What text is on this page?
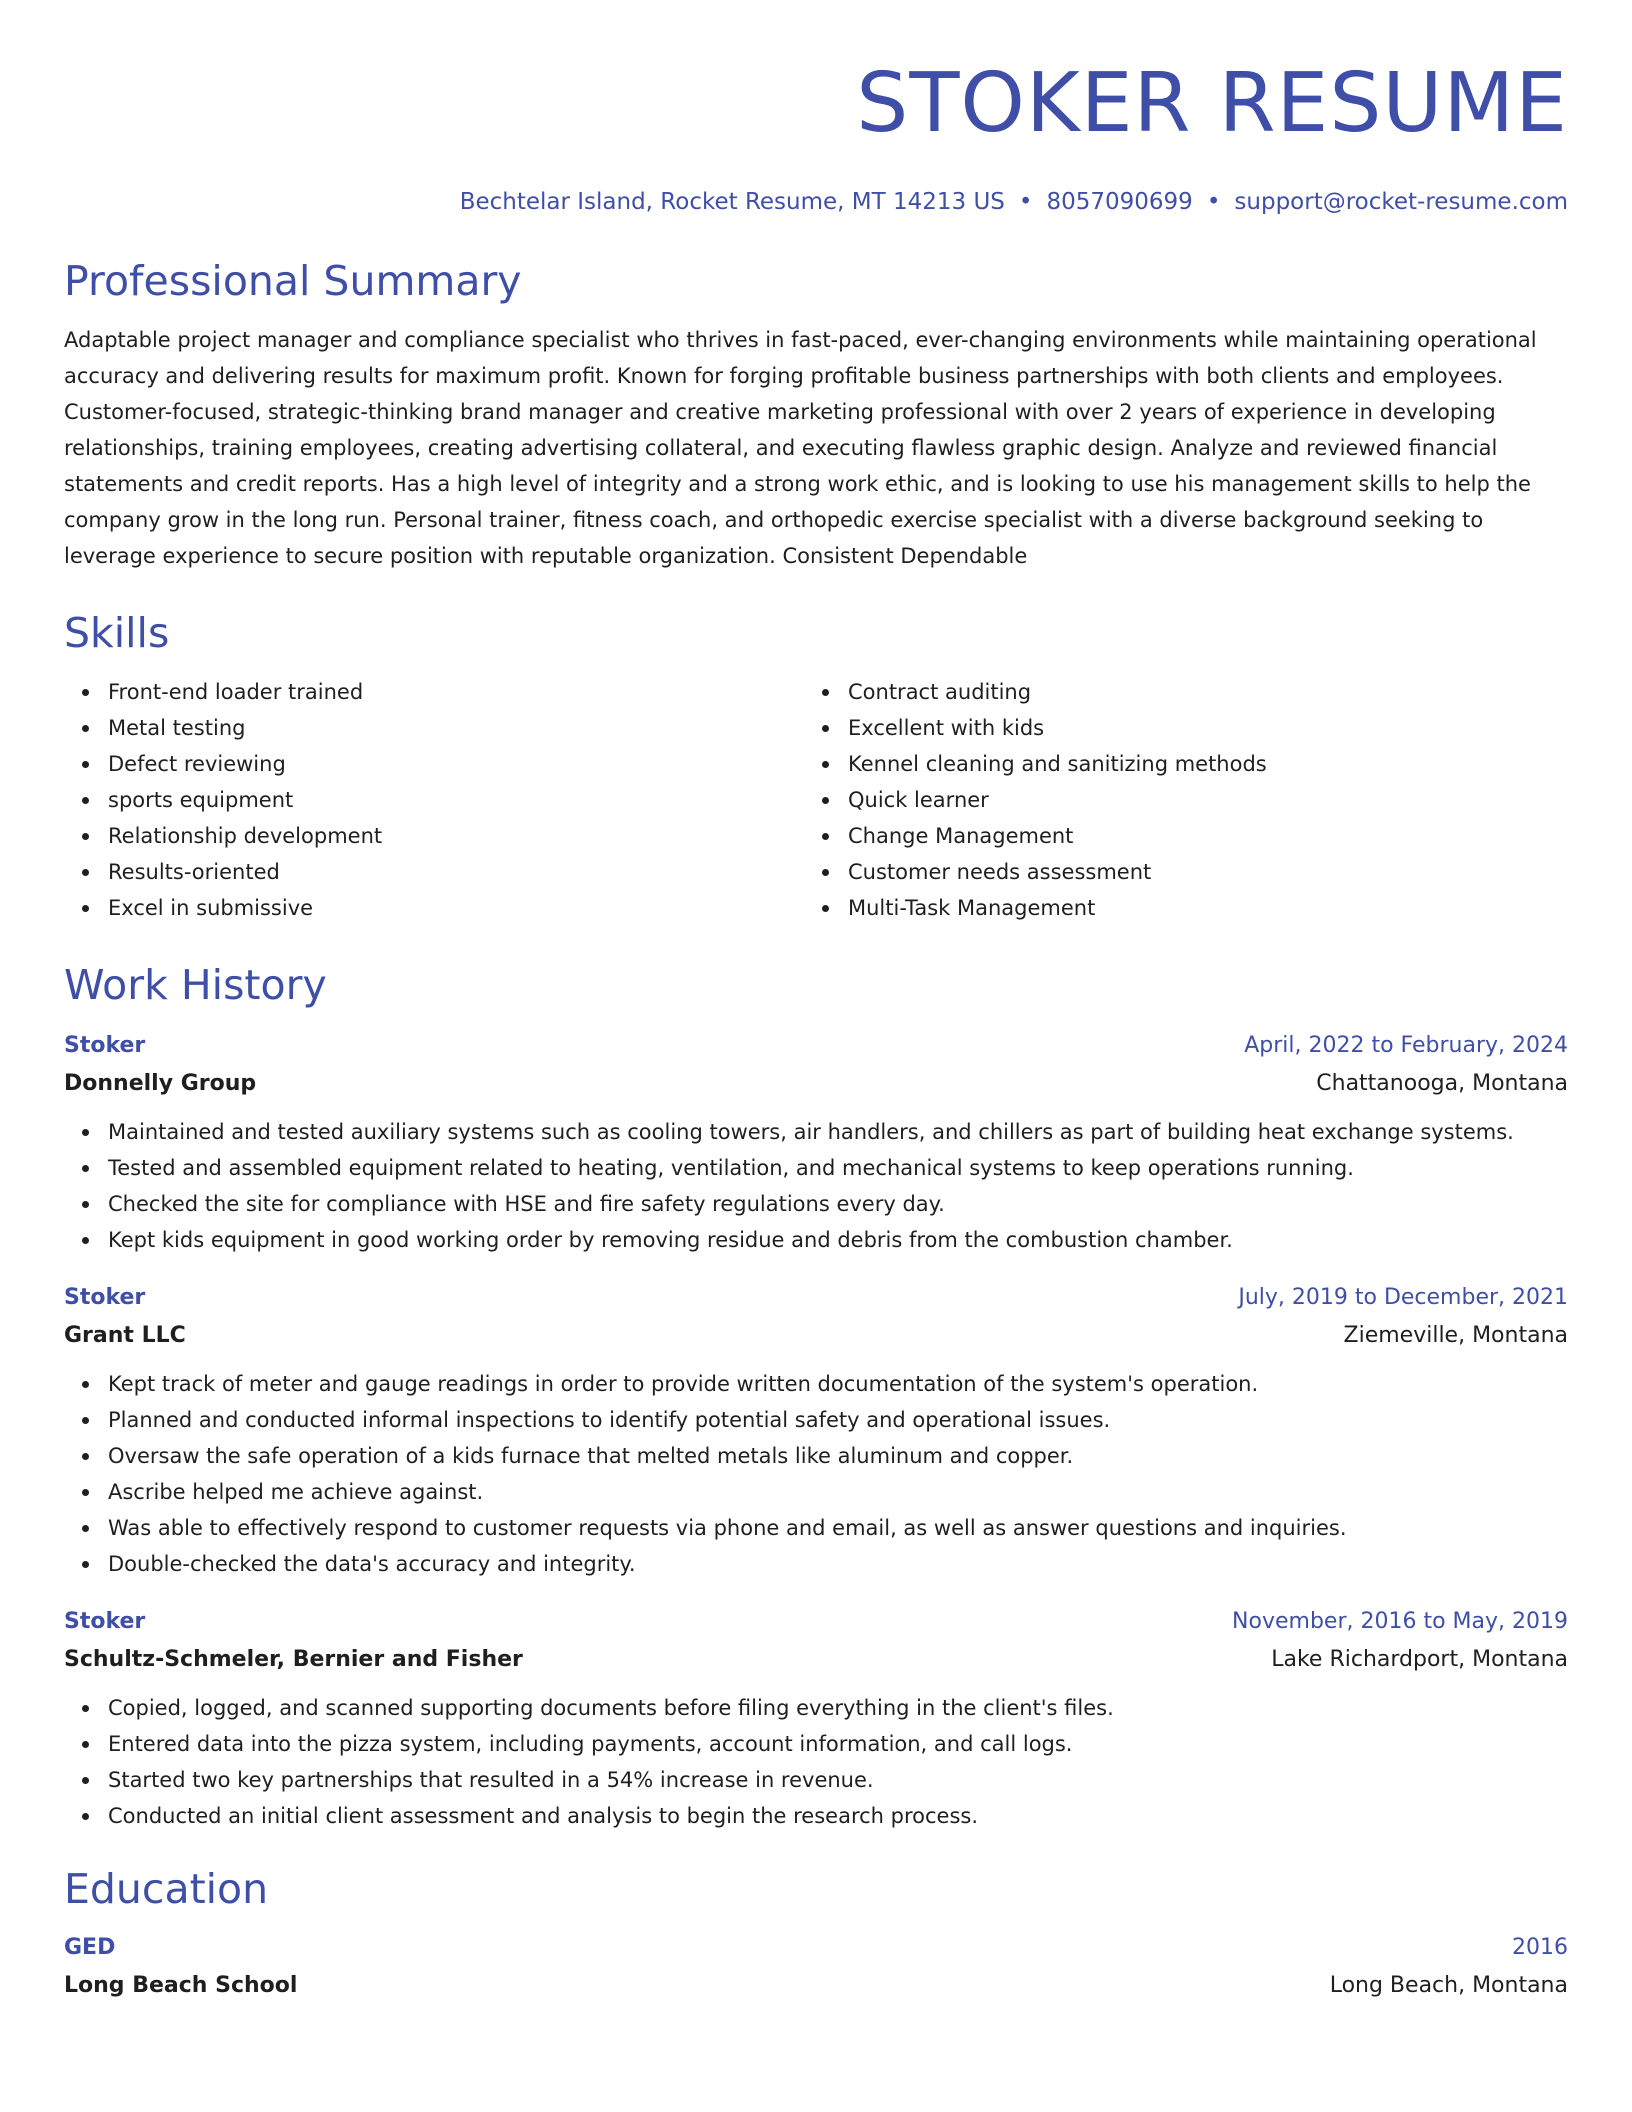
STOKER RESUME
Bechtelar Island, Rocket Resume, MT 14213 US • 8057090699 • support@rocket-resume.com
Professional Summary
Adaptable project manager and compliance specialist who thrives in fast-paced, ever-changing environments while maintaining operational accuracy and delivering results for maximum profit. Known for forging profitable business partnerships with both clients and employees. Customer-focused, strategic-thinking brand manager and creative marketing professional with over 2 years of experience in developing relationships, training employees, creating advertising collateral, and executing flawless graphic design. Analyze and reviewed financial statements and credit reports. Has a high level of integrity and a strong work ethic, and is looking to use his management skills to help the company grow in the long run. Personal trainer, fitness coach, and orthopedic exercise specialist with a diverse background seeking to leverage experience to secure position with reputable organization. Consistent Dependable
Skills
Front-end loader trained
Metal testing
Defect reviewing
sports equipment
Relationship development
Results-oriented
Excel in submissive
Contract auditing
Excellent with kids
Kennel cleaning and sanitizing methods
Quick learner
Change Management
Customer needs assessment
Multi-Task Management
Work History
Stoker	April, 2022 to February, 2024
Donnelly Group	Chattanooga, Montana
Maintained and tested auxiliary systems such as cooling towers, air handlers, and chillers as part of building heat exchange systems.
Tested and assembled equipment related to heating, ventilation, and mechanical systems to keep operations running.
Checked the site for compliance with HSE and fire safety regulations every day.
Kept kids equipment in good working order by removing residue and debris from the combustion chamber.
Stoker	July, 2019 to December, 2021
Grant LLC	Ziemeville, Montana
Kept track of meter and gauge readings in order to provide written documentation of the system's operation.
Planned and conducted informal inspections to identify potential safety and operational issues.
Oversaw the safe operation of a kids furnace that melted metals like aluminum and copper.
Ascribe helped me achieve against.
Was able to effectively respond to customer requests via phone and email, as well as answer questions and inquiries.
Double-checked the data's accuracy and integrity.
Stoker	November, 2016 to May, 2019
Schultz-Schmeler, Bernier and Fisher	Lake Richardport, Montana
Copied, logged, and scanned supporting documents before filing everything in the client's files.
Entered data into the pizza system, including payments, account information, and call logs.
Started two key partnerships that resulted in a 54% increase in revenue.
Conducted an initial client assessment and analysis to begin the research process.
Education
GED	2016
Long Beach School	Long Beach, Montana
